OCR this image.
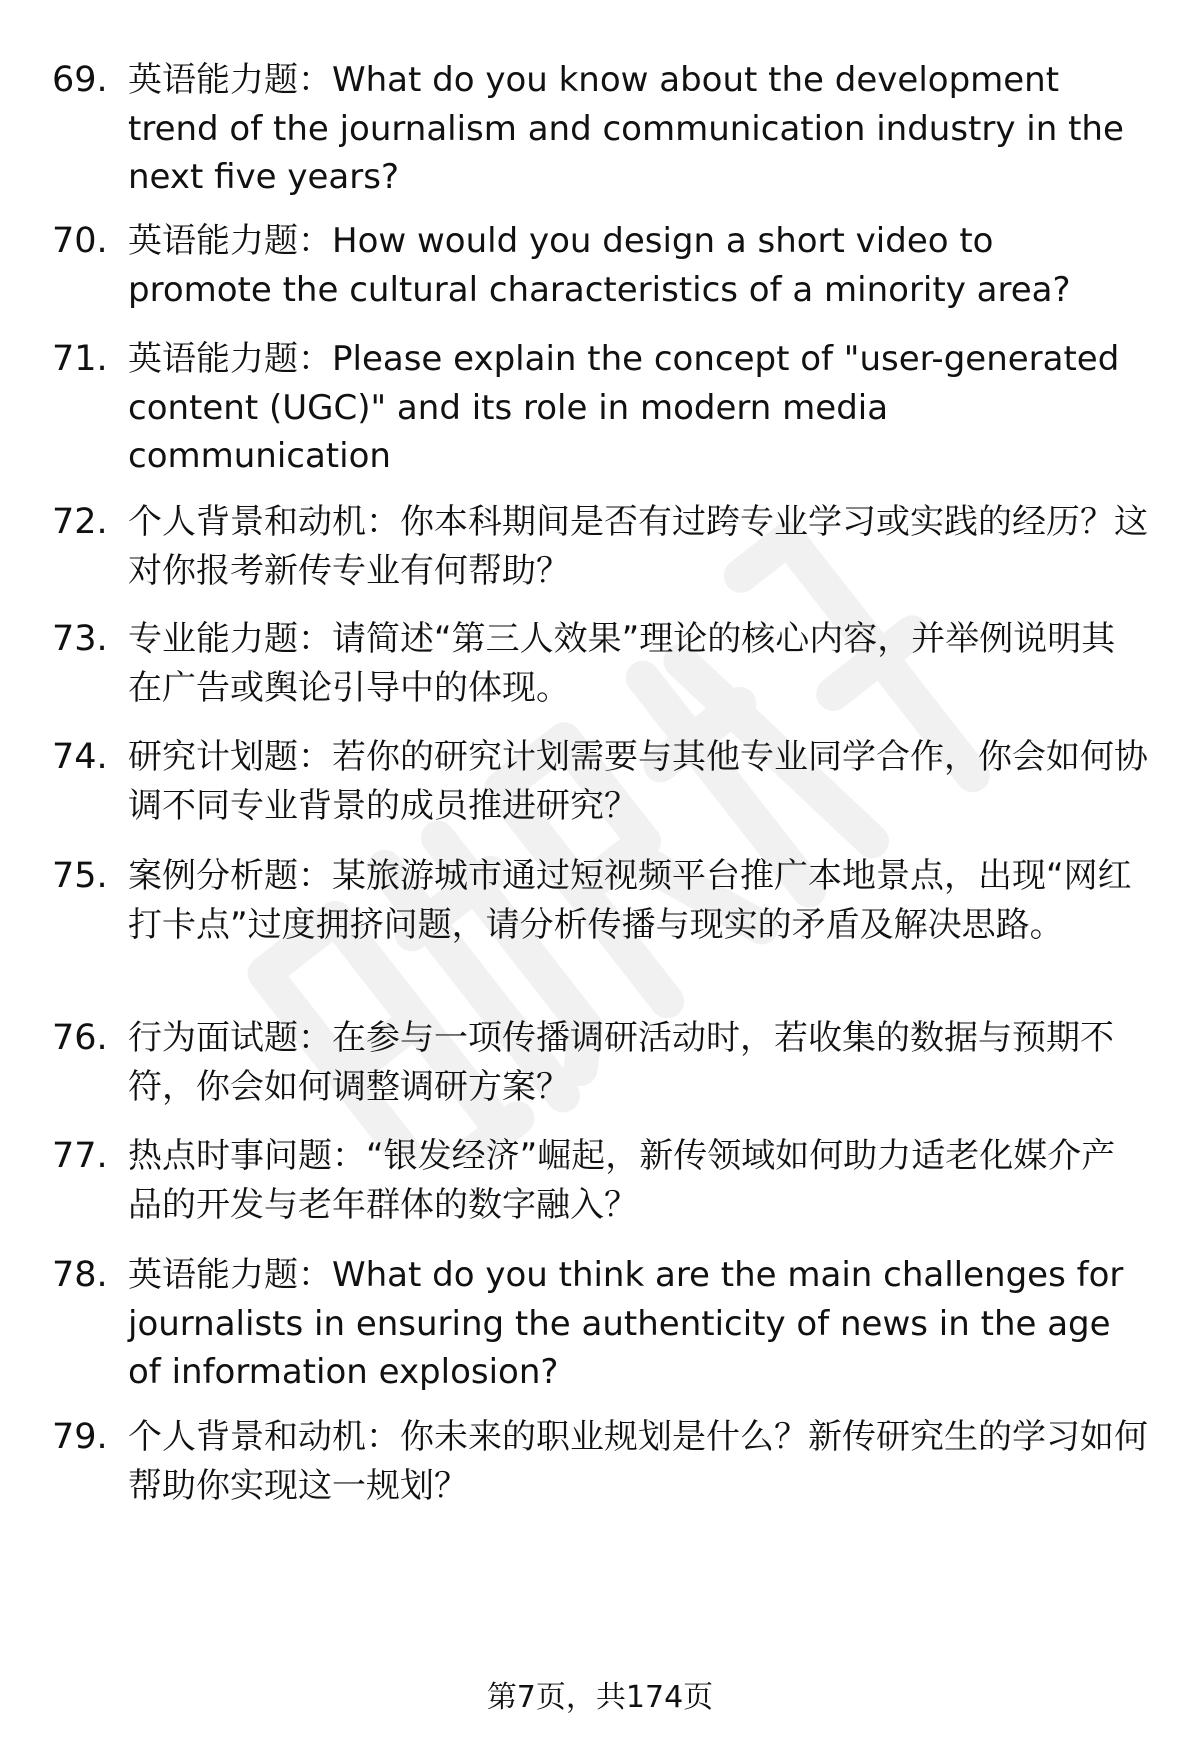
69. 英语能力题：What do you know about the development trend of the journalism and communication industry in the next five years?
70. 英语能力题：How would you design a short video to promote the cultural characteristics of a minority area?
71. 英语能力题：Please explain the concept of "user-generated content (UGC)" and its role in modern media communication
72. 个人背景和动机：你本科期间是否有过跨专业学习或实践的经历？这对你报考新传专业有何帮助？
73. 专业能力题：请简述“第三人效果”理论的核心内容，并举例说明其在广告或舆论引导中的体现。
74. 研究计划题：若你的研究计划需要与其他专业同学合作，你会如何协调不同专业背景的成员推进研究？
75. 案例分析题：某旅游城市通过短视频平台推广本地景点，出现“网红打卡点”过度拥挤问题，请分析传播与现实的矛盾及解决思路。
76. 行为面试题：在参与一项传播调研活动时，若收集的数据与预期不符，你会如何调整调研方案？
77. 热点时事问题：“银发经济”崛起，新传领域如何助力适老化媒介产品的开发与老年群体的数字融入？
78. 英语能力题：What do you think are the main challenges for journalists in ensuring the authenticity of news in the age of information explosion?
79. 个人背景和动机：你未来的职业规划是什么？新传研究生的学习如何帮助你实现这一规划？
第7页，共174页
